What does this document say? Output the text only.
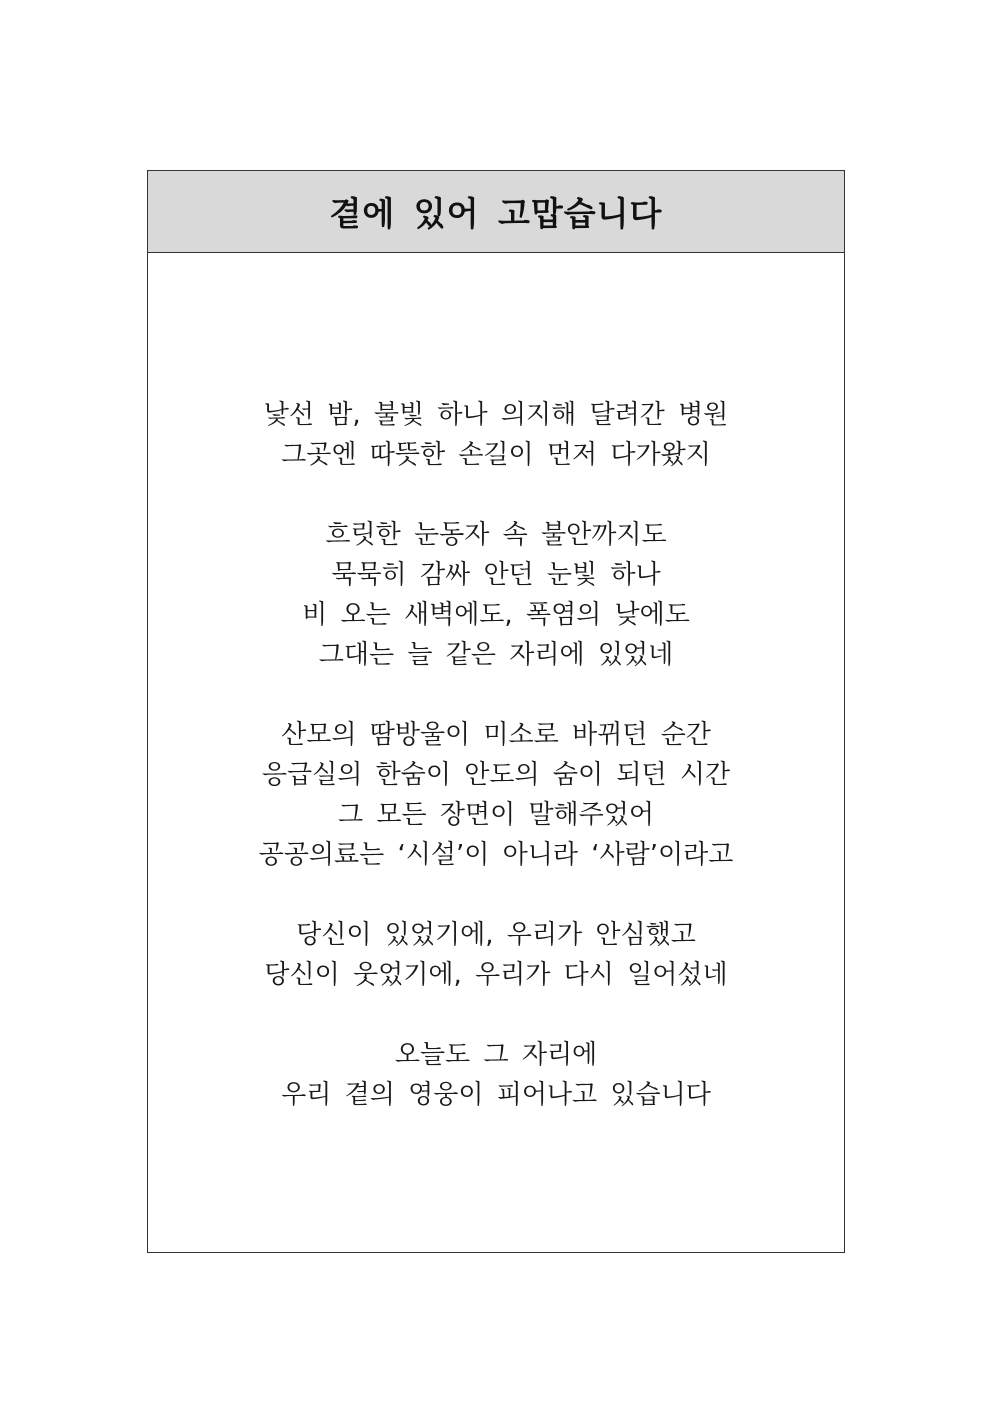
곁에 있어 고맙습니다
낯선 밤, 불빛 하나 의지해 달려간 병원
그곳엔 따뜻한 손길이 먼저 다가왔지
흐릿한 눈동자 속 불안까지도
묵묵히 감싸 안던 눈빛 하나
비 오는 새벽에도, 폭염의 낮에도
그대는 늘 같은 자리에 있었네
산모의 땀방울이 미소로 바뀌던 순간
응급실의 한숨이 안도의 숨이 되던 시간
그 모든 장면이 말해주었어
공공의료는 ‘시설’이 아니라 ‘사람’이라고
당신이 있었기에, 우리가 안심했고
당신이 웃었기에, 우리가 다시 일어섰네
오늘도 그 자리에
우리 곁의 영웅이 피어나고 있습니다
